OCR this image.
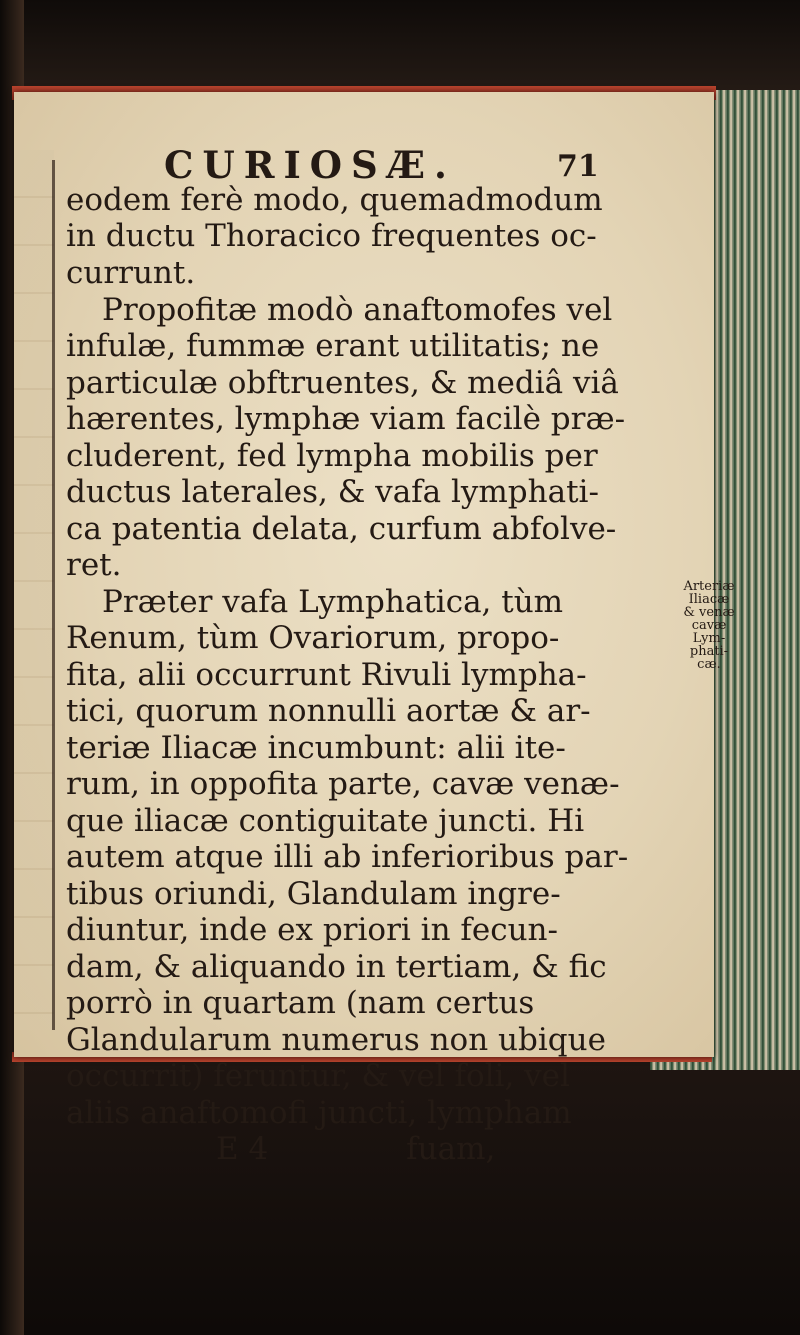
CURIOSÆ.	71
eodem ferè modo, quemadmodum
in ductu Thoracico frequentes oc-
currunt.
Propofitæ modò anaftomofes vel
infulæ, fummæ erant utilitatis; ne
particulæ obftruentes, & mediâ viâ
hærentes, lymphæ viam facilè præ-
cluderent, fed lympha mobilis per
ductus laterales, & vafa lymphati-
ca patentia delata, curfum abfolve-
ret.
Præter vafa Lymphatica, tùm
Renum, tùm Ovariorum, propo-
fita, alii occurrunt Rivuli lympha-
tici, quorum nonnulli aortæ & ar-
teriæ Iliacæ incumbunt: alii ite-
rum, in oppofita parte, cavæ venæ-
que iliacæ contiguitate juncti. Hi
autem atque illi ab inferioribus par-
tibus oriundi, Glandulam ingre-
diuntur, inde ex priori in fecun-
dam, & aliquando in tertiam, & fic
porrò in quartam (nam certus
Glandularum numerus non ubique
occurrit) feruntur, & vel foli, vel
aliis anaftomofi juncti, lympham
E 4              fuam,
Arteriæ
Iliacæ
& venæ
cavæ
Lym-
phati-
cæ.
